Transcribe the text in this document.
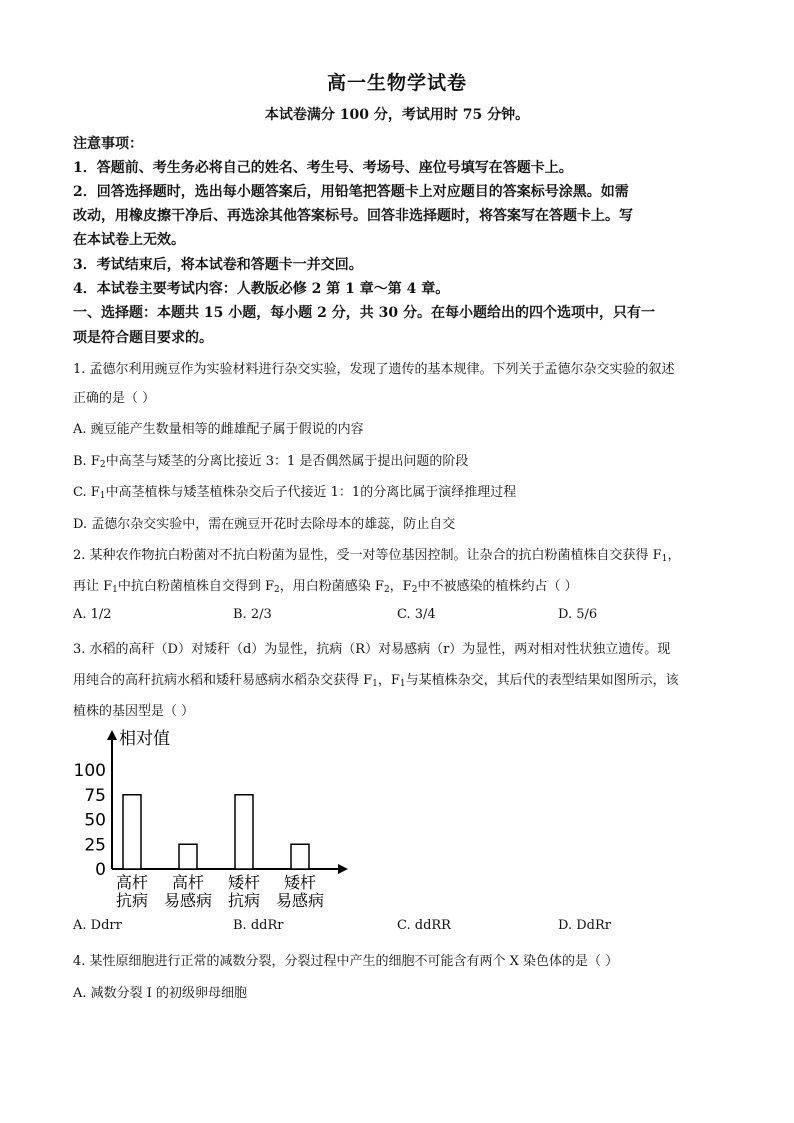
高一生物学试卷
本试卷满分 100 分，考试用时 75 分钟。
注意事项：
1．答题前、考生务必将自己的姓名、考生号、考场号、座位号填写在答题卡上。
2．回答选择题时，选出每小题答案后，用铅笔把答题卡上对应题目的答案标号涂黑。如需
改动，用橡皮擦干净后、再选涂其他答案标号。回答非选择题时，将答案写在答题卡上。写
在本试卷上无效。
3．考试结束后，将本试卷和答题卡一并交回。
4．本试卷主要考试内容：人教版必修 2 第 1 章～第 4 章。
一、选择题：本题共 15 小题，每小题 2 分，共 30 分。在每小题给出的四个选项中，只有一
项是符合题目要求的。
1. 孟德尔利用豌豆作为实验材料进行杂交实验，发现了遗传的基本规律。下列关于孟德尔杂交实验的叙述
正确的是（ ）
A. 豌豆能产生数量相等的雌雄配子属于假说的内容
B. $F_2$中高茎与矮茎的分离比接近 3：1 是否偶然属于提出问题的阶段
C. $F_1$中高茎植株与矮茎植株杂交后子代接近 1：1的分离比属于演绎推理过程
D. 孟德尔杂交实验中，需在豌豆开花时去除母本的雄蕊，防止自交
2. 某种农作物抗白粉菌对不抗白粉菌为显性，受一对等位基因控制。让杂合的抗白粉菌植株自交获得 $F_1$，
再让 $F_1$中抗白粉菌植株自交得到 $F_2$，用白粉菌感染 $F_2$，$F_2$中不被感染的植株约占（ ）
A. 1/2	B. 2/3	C. 3/4	D. 5/6
3. 水稻的高秆（D）对矮秆（d）为显性，抗病（R）对易感病（r）为显性，两对相对性状独立遗传。现
用纯合的高秆抗病水稻和矮秆易感病水稻杂交获得 $F_1$，$F_1$与某植株杂交，其后代的表型结果如图所示，该
植株的基因型是（ ）
相对值
100
75
50
25
0
高杆
抗病
高杆
易感病
矮杆
抗病
矮杆
易感病
A. Ddrr	B. ddRr	C. ddRR	D. DdRr
4. 某性原细胞进行正常的减数分裂，分裂过程中产生的细胞不可能含有两个 X 染色体的是（ ）
A. 减数分裂 I 的初级卵母细胞
